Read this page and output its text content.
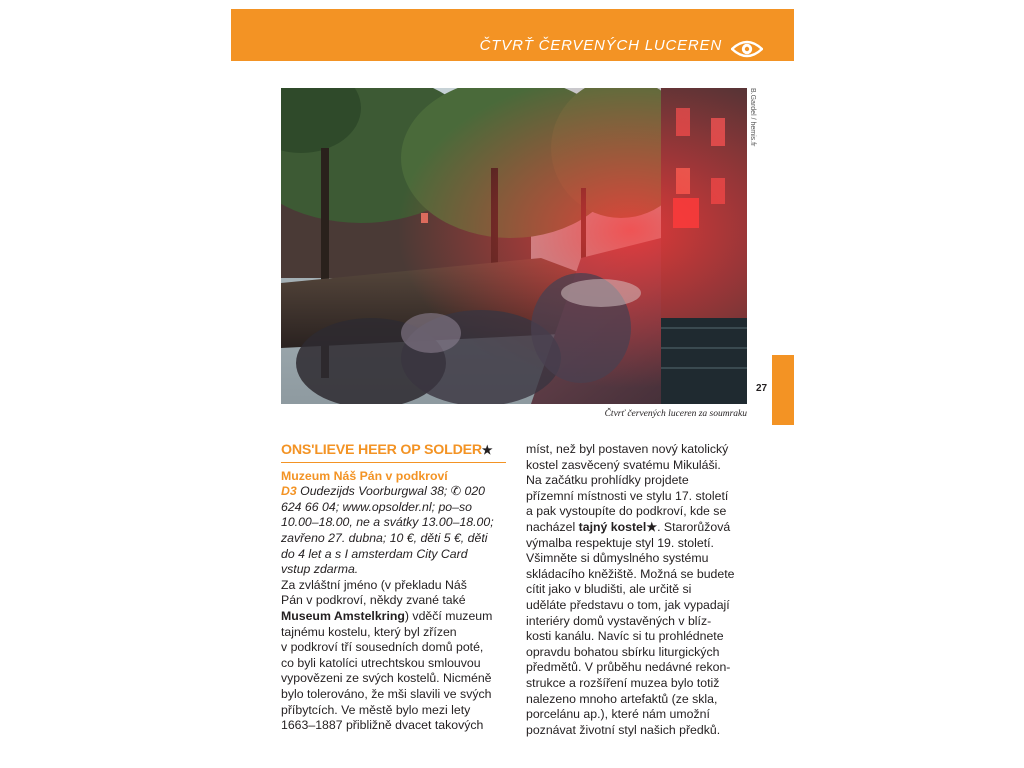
ČTVRŤ ČERVENÝCH LUCEREN
B.Gardel / hemis.fr
Čtvrť červených luceren za soumraku
27
ONS'LIEVE HEER OP SOLDER★
Muzeum Náš Pán v podkroví
D3 Oudezijds Voorburgwal 38; ✆ 020
624 66 04; www.opsolder.nl; po–so
10.00–18.00, ne a svátky 13.00–18.00;
zavřeno 27. dubna; 10 €, děti 5 €, děti
do 4 let a s I amsterdam City Card
vstup zdarma.
Za zvláštní jméno (v překladu Náš
Pán v podkroví, někdy zvané také
Museum Amstelkring) vděčí muzeum
tajnému kostelu, který byl zřízen
v podkroví tří sousedních domů poté,
co byli katolíci utrechtskou smlouvou
vypovězeni ze svých kostelů. Nicméně
bylo tolerováno, že mši slavili ve svých
příbytcích. Ve městě bylo mezi lety
1663–1887 přibližně dvacet takových
míst, než byl postaven nový katolický
kostel zasvěcený svatému Mikuláši.
Na začátku prohlídky projdete
přízemní místnosti ve stylu 17. století
a pak vystoupíte do podkroví, kde se
nacházel tajný kostel★. Starorůžová
výmalba respektuje styl 19. století.
Všimněte si důmyslného systému
skládacího kněžiště. Možná se budete
cítit jako v bludišti, ale určitě si
uděláte představu o tom, jak vypadají
interiéry domů vystavěných v blíz-
kosti kanálu. Navíc si tu prohlédnete
opravdu bohatou sbírku liturgických
předmětů. V průběhu nedávné rekon-
strukce a rozšíření muzea bylo totiž
nalezeno mnoho artefaktů (ze skla,
porcelánu ap.), které nám umožní
poznávat životní styl našich předků.
